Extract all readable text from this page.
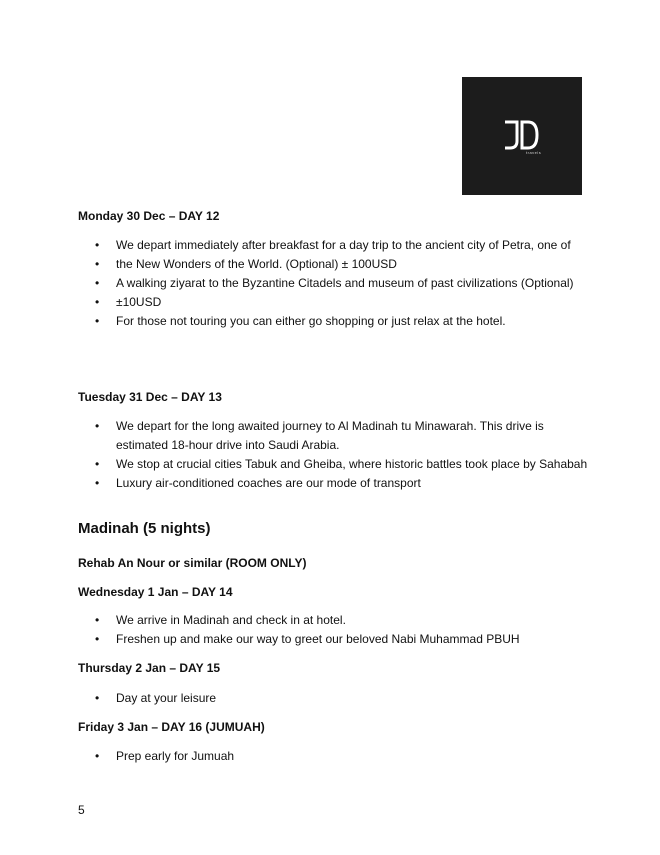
travels

Monday 30 Dec – DAY 12

• We depart immediately after breakfast for a day trip to the ancient city of Petra, one of
• the New Wonders of the World. (Optional) ± 100USD
• A walking ziyarat to the Byzantine Citadels and museum of past civilizations (Optional)
• ±10USD
• For those not touring you can either go shopping or just relax at the hotel.

Tuesday 31 Dec – DAY 13

• We depart for the long awaited journey to Al Madinah tu Minawarah. This drive is
estimated 18-hour drive into Saudi Arabia.
• We stop at crucial cities Tabuk and Gheiba, where historic battles took place by Sahabah
• Luxury air-conditioned coaches are our mode of transport

Madinah (5 nights)

Rehab An Nour or similar (ROOM ONLY)

Wednesday 1 Jan – DAY 14

• We arrive in Madinah and check in at hotel.
• Freshen up and make our way to greet our beloved Nabi Muhammad PBUH

Thursday 2 Jan – DAY 15

• Day at your leisure

Friday 3 Jan – DAY 16 (JUMUAH)

• Prep early for Jumuah
5
